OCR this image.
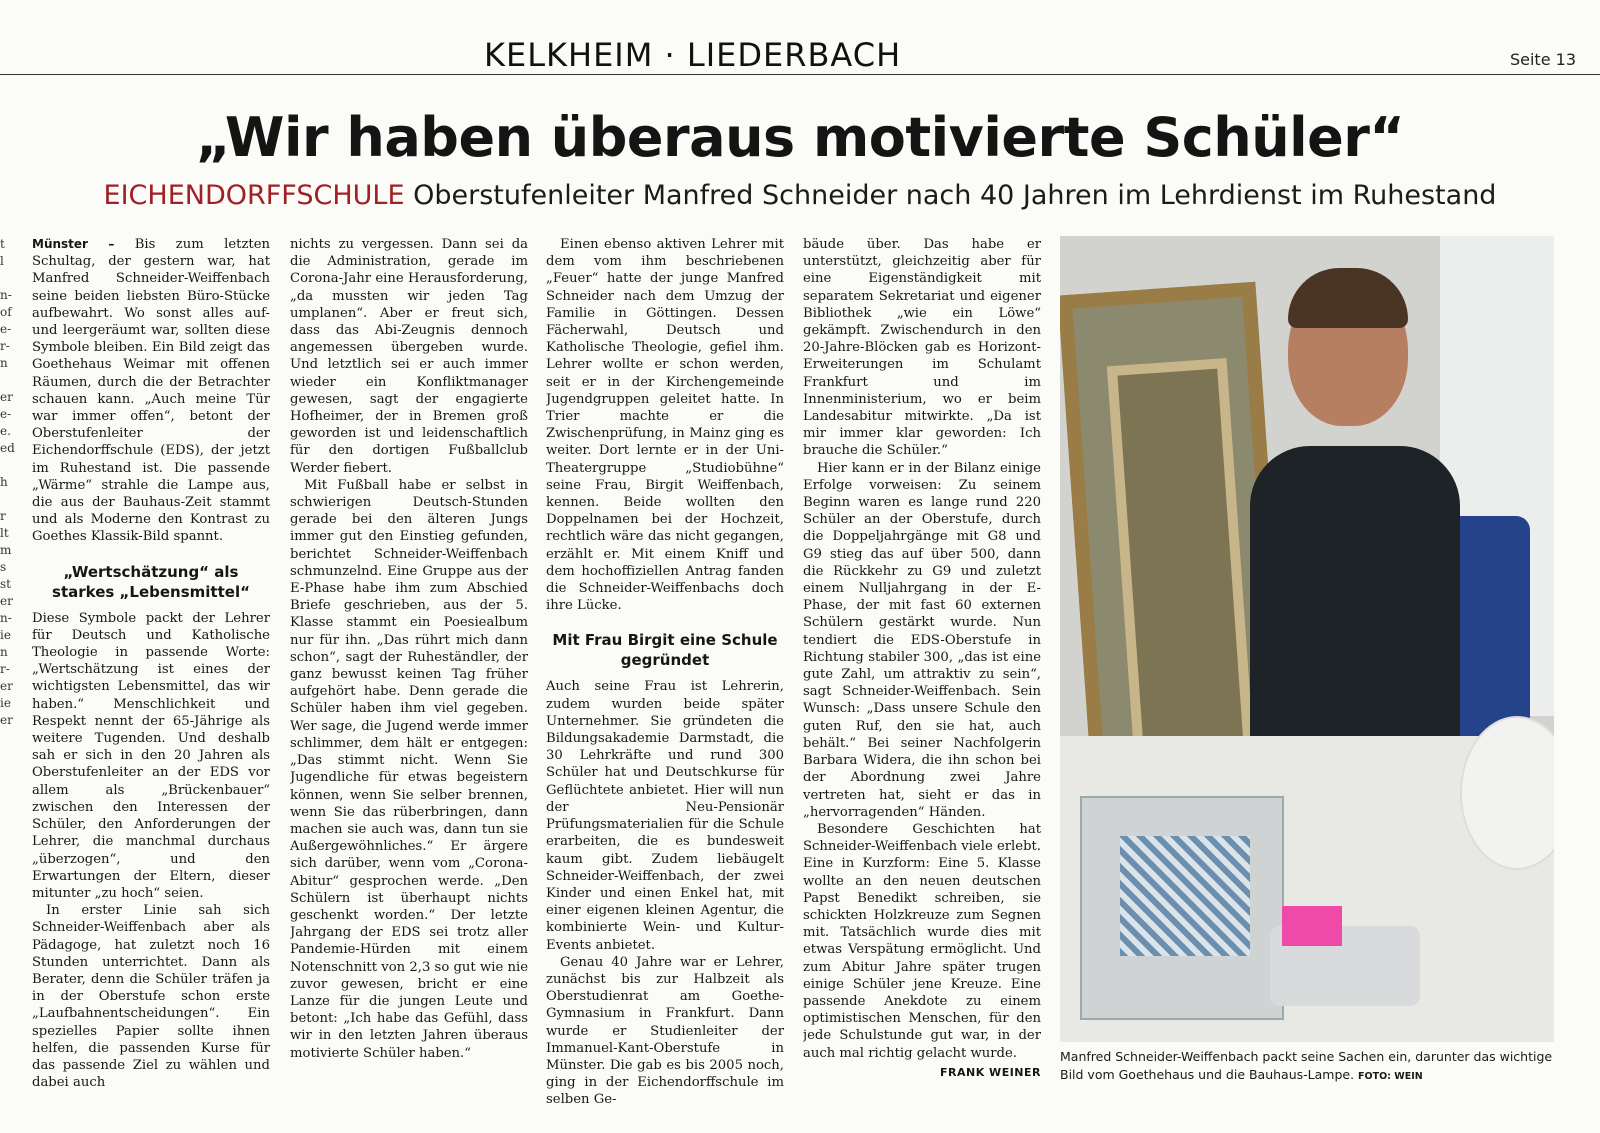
KELKHEIM · LIEDERBACH	Seite 13
„Wir haben überaus motivierte Schüler“
EICHENDORFFSCHULE Oberstufenleiter Manfred Schneider nach 40 Jahren im Lehrdienst im Ruhestand
t
l
n-
of
e-
r-
n
er
e-
e.
ed
h
r
lt
m
s
st
er
n-
ie
n
r-
er
ie
er

Münster – Bis zum letzten Schultag, der gestern war, hat Manfred Schneider-Weiffenbach seine beiden liebsten Büro-Stücke aufbewahrt. Wo sonst alles auf- und leergeräumt war, sollten diese Symbole bleiben. Ein Bild zeigt das Goethehaus Weimar mit offenen Räumen, durch die der Betrachter schauen kann. „Auch meine Tür war immer offen“, betont der Oberstufenleiter der Eichendorffschule (EDS), der jetzt im Ruhestand ist. Die passende „Wärme“ strahle die Lampe aus, die aus der Bauhaus-Zeit stammt und als Moderne den Kontrast zu Goethes Klassik-Bild spannt.

„Wertschätzung“ als starkes „Lebensmittel“

Diese Symbole packt der Lehrer für Deutsch und Katholische Theologie in passende Worte: „Wertschätzung ist eines der wichtigsten Lebensmittel, das wir haben.“ Menschlichkeit und Respekt nennt der 65-Jährige als weitere Tugenden. Und deshalb sah er sich in den 20 Jahren als Oberstufenleiter an der EDS vor allem als „Brückenbauer“ zwischen den Interessen der Schüler, den Anforderungen der Lehrer, die manchmal durchaus „überzogen“, und den Erwartungen der Eltern, dieser mitunter „zu hoch“ seien.

In erster Linie sah sich Schneider-Weiffenbach aber als Pädagoge, hat zuletzt noch 16 Stunden unterrichtet. Dann als Berater, denn die Schüler träfen ja in der Oberstufe schon erste „Laufbahnentscheidungen“. Ein spezielles Papier sollte ihnen helfen, die passenden Kurse für das passende Ziel zu wählen und dabei auch

nichts zu vergessen. Dann sei da die Administration, gerade im Corona-Jahr eine Herausforderung, „da mussten wir jeden Tag umplanen“. Aber er freut sich, dass das Abi-Zeugnis dennoch angemessen übergeben wurde. Und letztlich sei er auch immer wieder ein Konfliktmanager gewesen, sagt der engagierte Hofheimer, der in Bremen groß geworden ist und leidenschaftlich für den dortigen Fußballclub Werder fiebert.

Mit Fußball habe er selbst in schwierigen Deutsch-Stunden gerade bei den älteren Jungs immer gut den Einstieg gefunden, berichtet Schneider-Weiffenbach schmunzelnd. Eine Gruppe aus der E-Phase habe ihm zum Abschied Briefe geschrieben, aus der 5. Klasse stammt ein Poesiealbum nur für ihn. „Das rührt mich dann schon“, sagt der Ruheständler, der ganz bewusst keinen Tag früher aufgehört habe. Denn gerade die Schüler haben ihm viel gegeben. Wer sage, die Jugend werde immer schlimmer, dem hält er entgegen: „Das stimmt nicht. Wenn Sie Jugendliche für etwas begeistern können, wenn Sie selber brennen, wenn Sie das rüberbringen, dann machen sie auch was, dann tun sie Außergewöhnliches.“ Er ärgere sich darüber, wenn vom „Corona-Abitur“ gesprochen werde. „Den Schülern ist überhaupt nichts geschenkt worden.“ Der letzte Jahrgang der EDS sei trotz aller Pandemie-Hürden mit einem Notenschnitt von 2,3 so gut wie nie zuvor gewesen, bricht er eine Lanze für die jungen Leute und betont: „Ich habe das Gefühl, dass wir in den letzten Jahren überaus motivierte Schüler haben.“

Einen ebenso aktiven Lehrer mit dem vom ihm beschriebenen „Feuer“ hatte der junge Manfred Schneider nach dem Umzug der Familie in Göttingen. Dessen Fächerwahl, Deutsch und Katholische Theologie, gefiel ihm. Lehrer wollte er schon werden, seit er in der Kirchengemeinde Jugendgruppen geleitet hatte. In Trier machte er die Zwischenprüfung, in Mainz ging es weiter. Dort lernte er in der Uni-Theatergruppe „Studiobühne“ seine Frau, Birgit Weiffenbach, kennen. Beide wollten den Doppelnamen bei der Hochzeit, rechtlich wäre das nicht gegangen, erzählt er. Mit einem Kniff und dem hochoffiziellen Antrag fanden die Schneider-Weiffenbachs doch ihre Lücke.

Mit Frau Birgit eine Schule gegründet

Auch seine Frau ist Lehrerin, zudem wurden beide später Unternehmer. Sie gründeten die Bildungsakademie Darmstadt, die 30 Lehrkräfte und rund 300 Schüler hat und Deutschkurse für Geflüchtete anbietet. Hier will nun der Neu-Pensionär Prüfungsmaterialien für die Schule erarbeiten, die es bundesweit kaum gibt. Zudem liebäugelt Schneider-Weiffenbach, der zwei Kinder und einen Enkel hat, mit einer eigenen kleinen Agentur, die kombinierte Wein- und Kultur-Events anbietet.

Genau 40 Jahre war er Lehrer, zunächst bis zur Halbzeit als Oberstudienrat am Goethe-Gymnasium in Frankfurt. Dann wurde er Studienleiter der Immanuel-Kant-Oberstufe in Münster. Die gab es bis 2005 noch, ging in der Eichendorffschule im selben Ge-

bäude über. Das habe er unterstützt, gleichzeitig aber für eine Eigenständigkeit mit separatem Sekretariat und eigener Bibliothek „wie ein Löwe“ gekämpft. Zwischendurch in den 20-Jahre-Blöcken gab es Horizont-Erweiterungen im Schulamt Frankfurt und im Innenministerium, wo er beim Landesabitur mitwirkte. „Da ist mir immer klar geworden: Ich brauche die Schüler.“

Hier kann er in der Bilanz einige Erfolge vorweisen: Zu seinem Beginn waren es lange rund 220 Schüler an der Oberstufe, durch die Doppeljahrgänge mit G8 und G9 stieg das auf über 500, dann die Rückkehr zu G9 und zuletzt einem Nulljahrgang in der E-Phase, der mit fast 60 externen Schülern gestärkt wurde. Nun tendiert die EDS-Oberstufe in Richtung stabiler 300, „das ist eine gute Zahl, um attraktiv zu sein“, sagt Schneider-Weiffenbach. Sein Wunsch: „Dass unsere Schule den guten Ruf, den sie hat, auch behält.“ Bei seiner Nachfolgerin Barbara Widera, die ihn schon bei der Abordnung zwei Jahre vertreten hat, sieht er das in „hervorragenden“ Händen.

Besondere Geschichten hat Schneider-Weiffenbach viele erlebt. Eine in Kurzform: Eine 5. Klasse wollte an den neuen deutschen Papst Benedikt schreiben, sie schickten Holzkreuze zum Segnen mit. Tatsächlich wurde dies mit etwas Verspätung ermöglicht. Und zum Abitur Jahre später trugen einige Schüler jene Kreuze. Eine passende Anekdote zu einem optimistischen Menschen, für den jede Schulstunde gut war, in der auch mal richtig gelacht wurde.

FRANK WEINER
Manfred Schneider-Weiffenbach packt seine Sachen ein, darunter das wichtige Bild vom Goethehaus und die Bauhaus-Lampe. FOTO: WEIN
